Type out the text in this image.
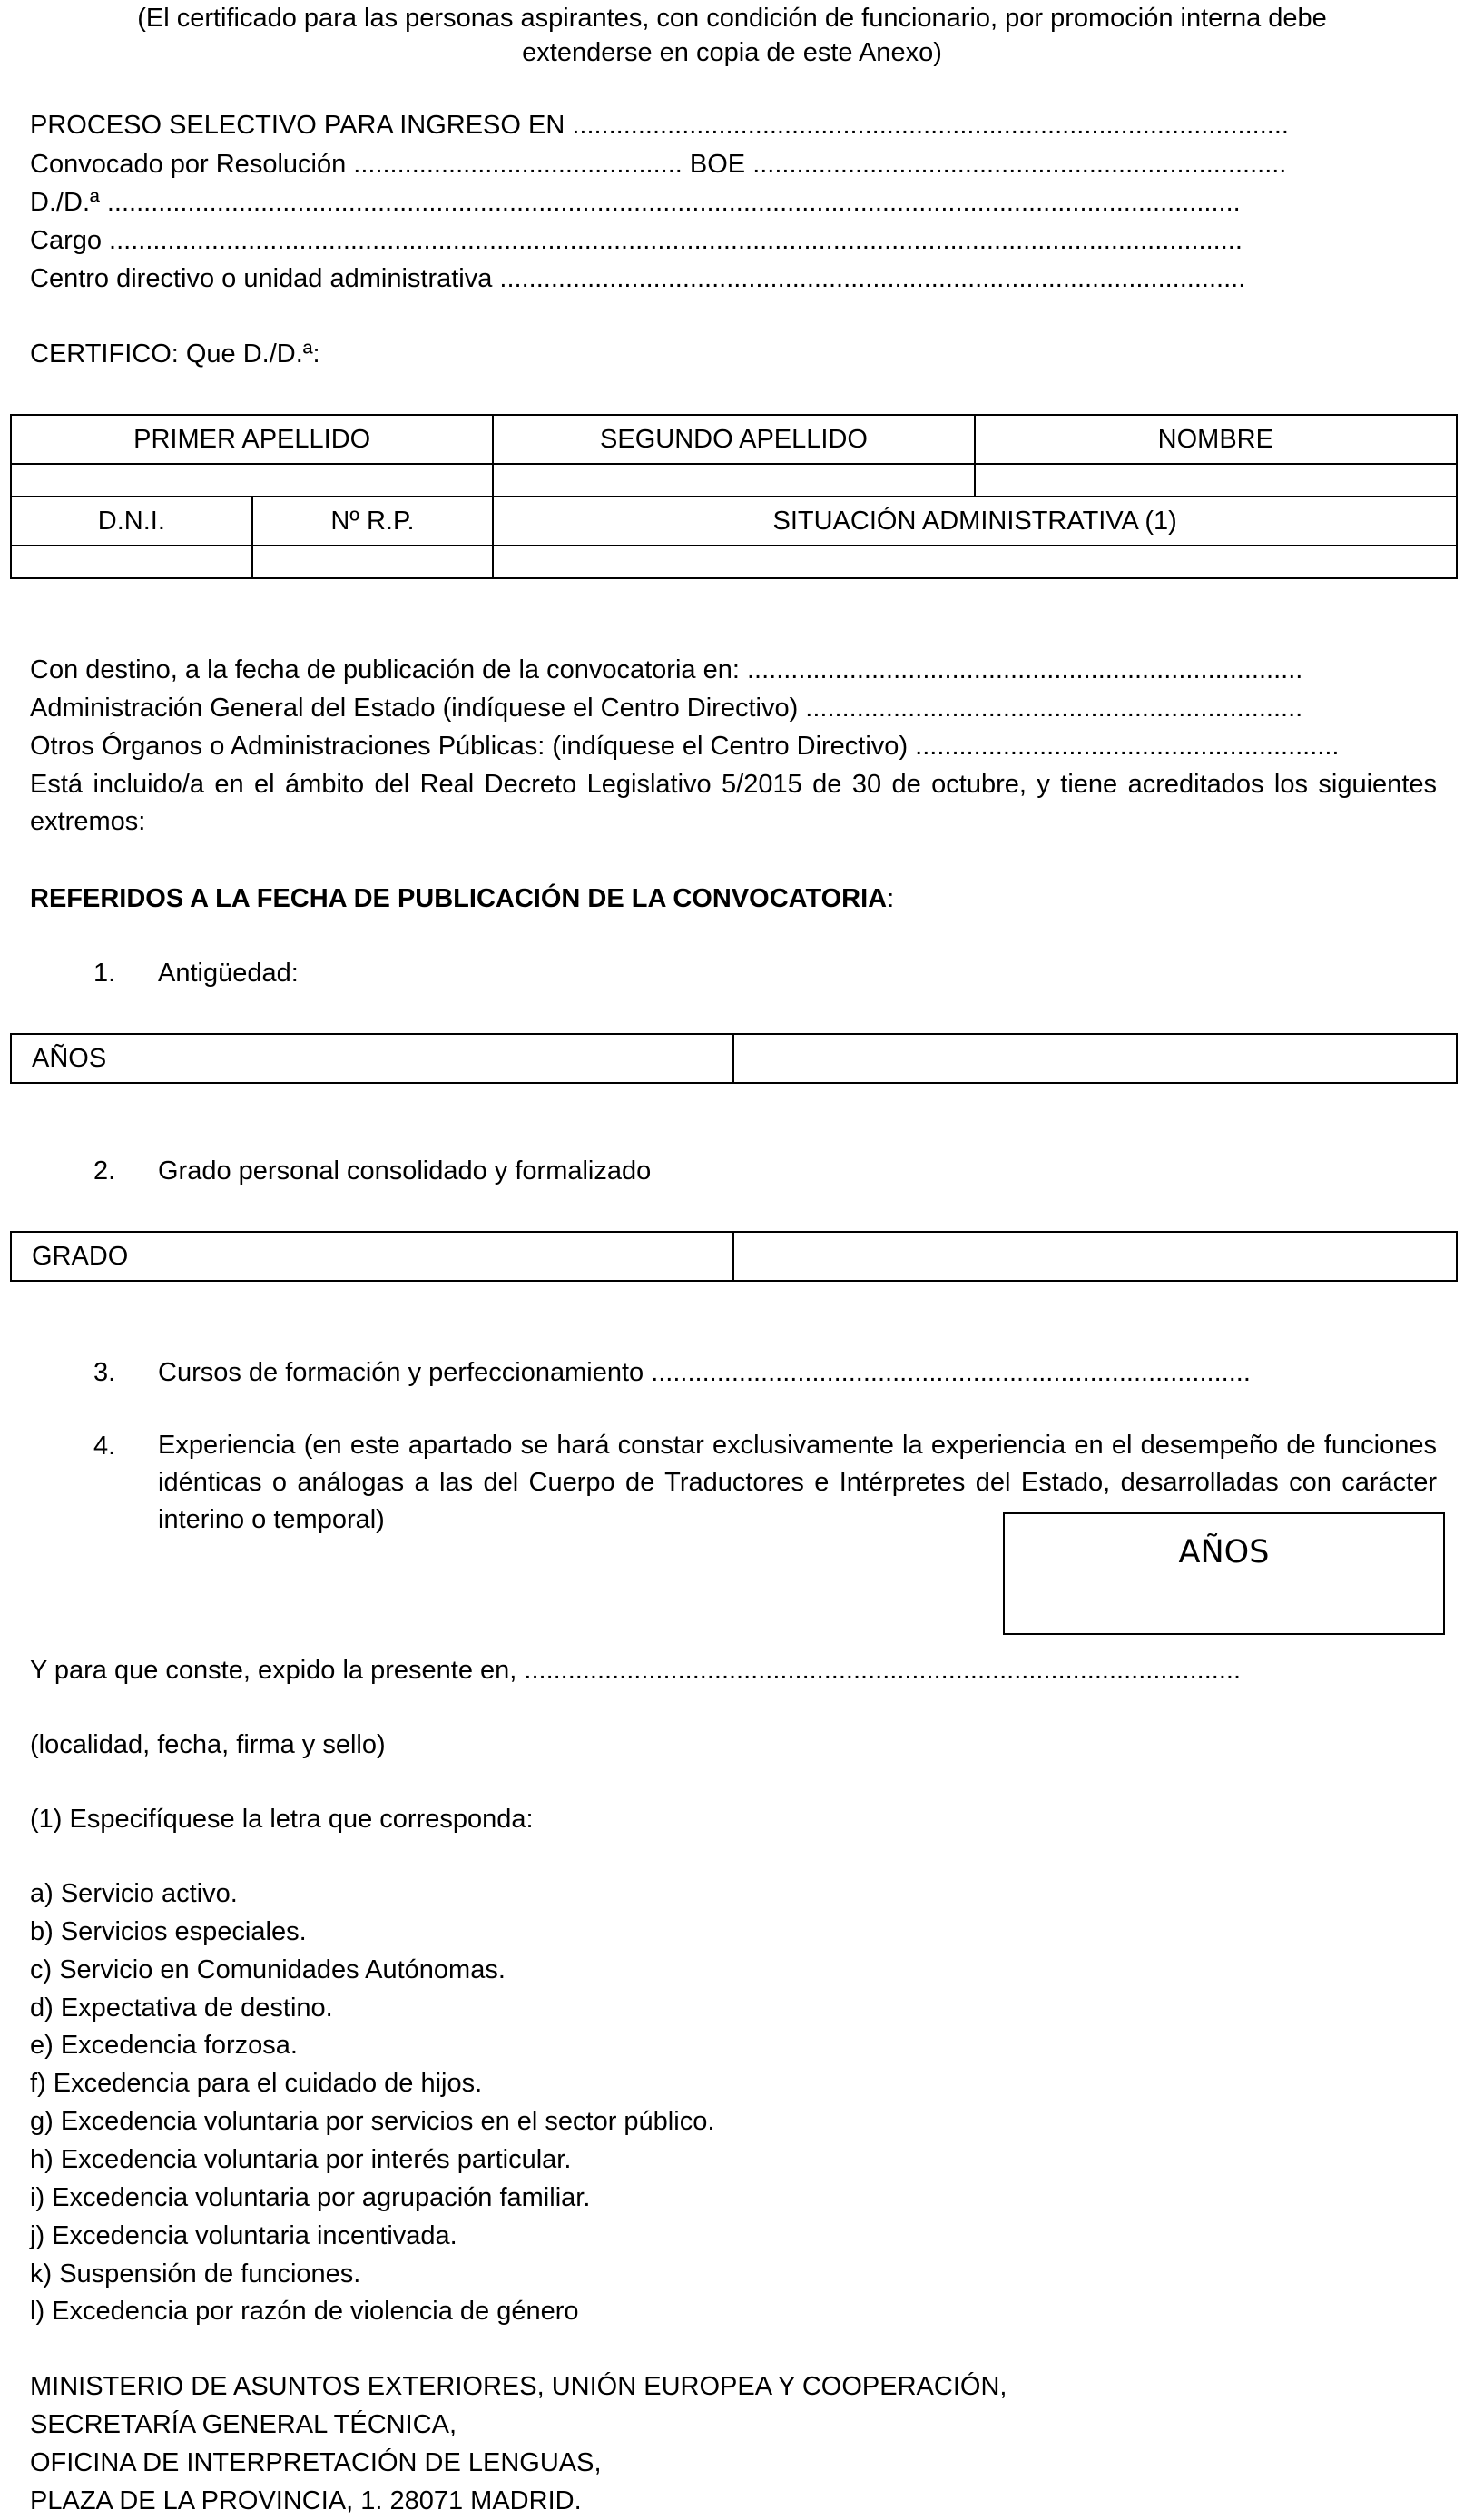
(El certificado para las personas aspirantes, con condición de funcionario, por promoción interna debe
extenderse en copia de este Anexo)
PROCESO SELECTIVO PARA INGRESO EN ..................................................................................................
Convocado por Resolución ............................................. BOE .........................................................................
D./D.ª ...........................................................................................................................................................
Cargo ...........................................................................................................................................................
Centro directivo o unidad administrativa ......................................................................................................
CERTIFICO: Que D./D.ª:
PRIMER APELLIDO		SEGUNDO APELLIDO	NOMBRE

D.N.I.	Nº R.P.	SITUACIÓN ADMINISTRATIVA (1)	

Con destino, a la fecha de publicación de la convocatoria en: ............................................................................
Administración General del Estado (indíquese el Centro Directivo) ....................................................................
Otros Órganos o Administraciones Públicas: (indíquese el Centro Directivo) ..........................................................
Está incluido/a en el ámbito del Real Decreto Legislativo 5/2015 de 30 de octubre, y tiene acreditados los siguientes extremos:
REFERIDOS A LA FECHA DE PUBLICACIÓN DE LA CONVOCATORIA:
1. Antigüedad:
AÑOS	
2. Grado personal consolidado y formalizado
GRADO	
3. Cursos de formación y perfeccionamiento ..................................................................................
4. Experiencia (en este apartado se hará constar exclusivamente la experiencia en el desempeño de funciones idénticas o análogas a las del Cuerpo de Traductores e Intérpretes del Estado, desarrolladas con carácter interino o temporal)
AÑOS
Y para que conste, expido la presente en, ..................................................................................................
(localidad, fecha, firma y sello)
(1) Especifíquese la letra que corresponda:
a) Servicio activo.
b) Servicios especiales.
c) Servicio en Comunidades Autónomas.
d) Expectativa de destino.
e) Excedencia forzosa.
f) Excedencia para el cuidado de hijos.
g) Excedencia voluntaria por servicios en el sector público.
h) Excedencia voluntaria por interés particular.
i) Excedencia voluntaria por agrupación familiar.
j) Excedencia voluntaria incentivada.
k) Suspensión de funciones.
l) Excedencia por razón de violencia de género
MINISTERIO DE ASUNTOS EXTERIORES, UNIÓN EUROPEA Y COOPERACIÓN,
SECRETARÍA GENERAL TÉCNICA,
OFICINA DE INTERPRETACIÓN DE LENGUAS,
PLAZA DE LA PROVINCIA, 1. 28071 MADRID.
